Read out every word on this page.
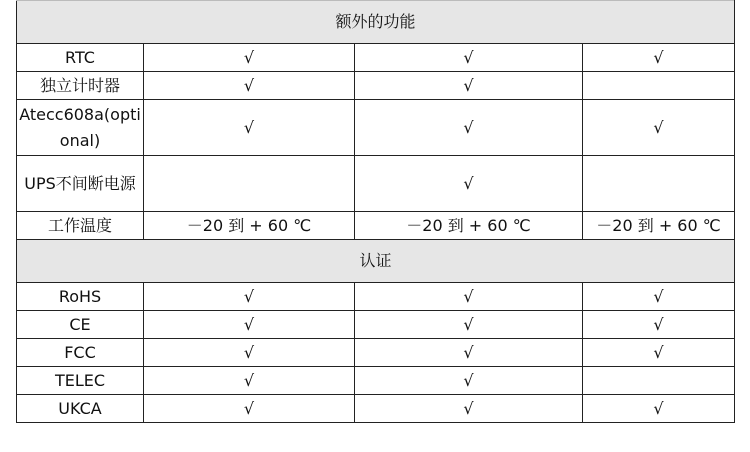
额外的功能			
RTC	√	√	√
独立计时器	√	√	
Atecc608a(optional)	√	√	√
UPS不间断电源		√	
工作温度	－20 到 + 60 ℃	－20 到 + 60 ℃	－20 到 + 60 ℃
认证			
RoHS	√	√	√
CE	√	√	√
FCC	√	√	√
TELEC	√	√	
UKCA	√	√	√
